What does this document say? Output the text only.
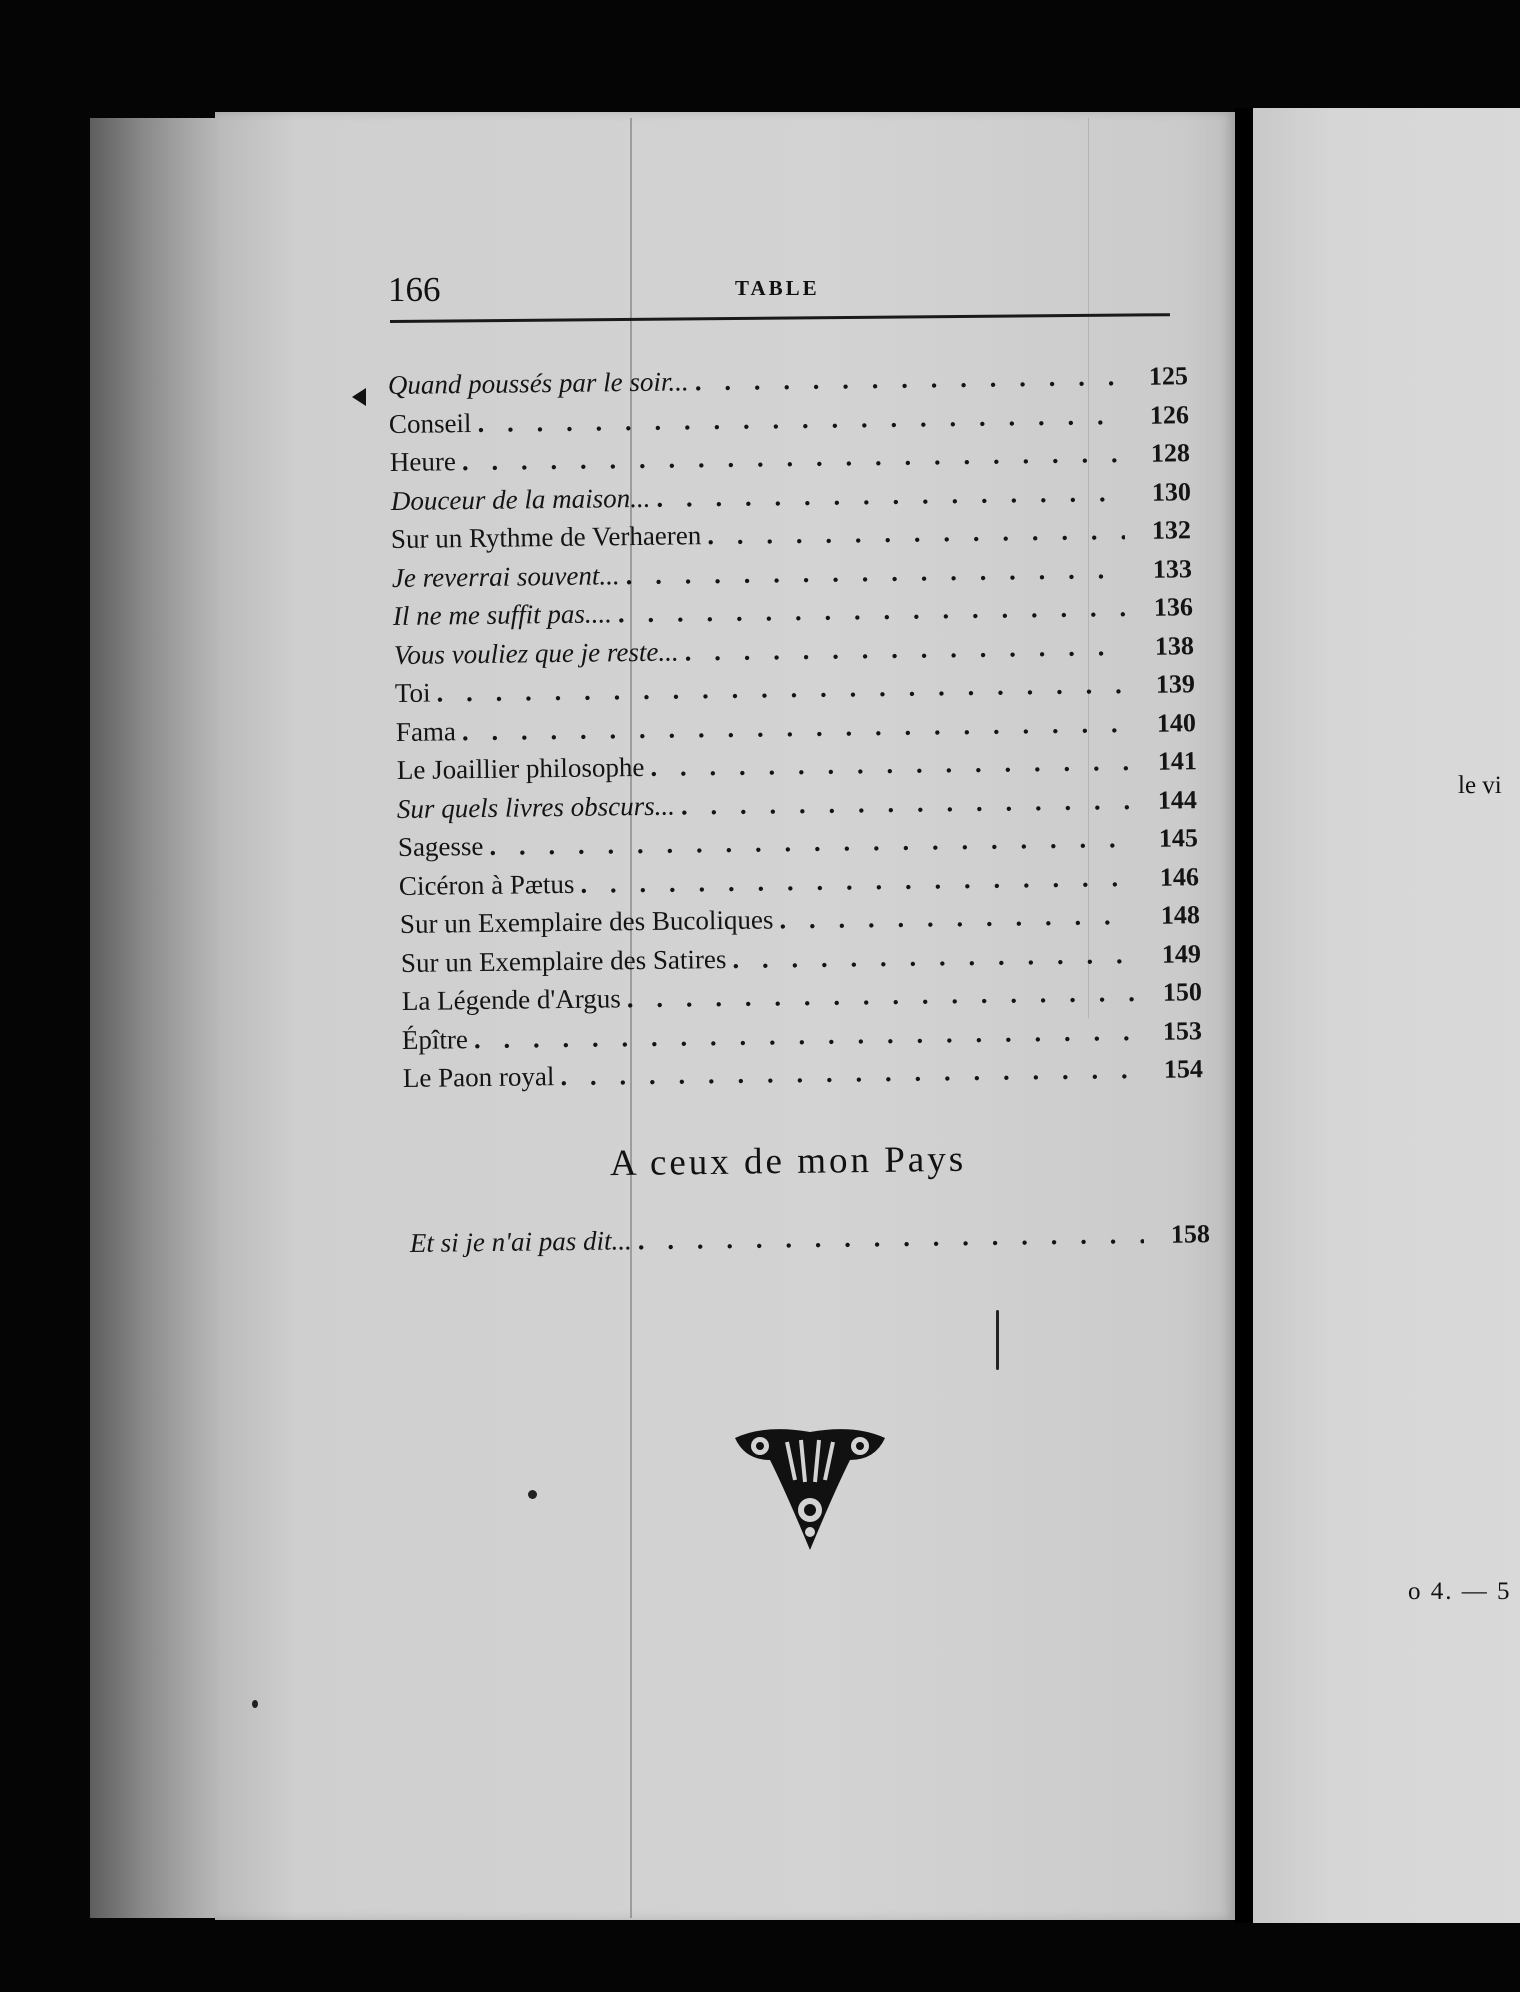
166	TABLE
Quand poussés par le soir... . . .	125
Conseil . . .	126
Heure . . .	128
Douceur de la maison... . . .	130
Sur un Rythme de Verhaeren . . .	132
Je reverrai souvent... . . .	133
Il ne me suffit pas.... . . .	136
Vous vouliez que je reste... . . .	138
Toi . . .	139
Fama . . .	140
Le Joaillier philosophe . . .	141
Sur quels livres obscurs... . . .	144
Sagesse . . .	145
Cicéron à Pætus . . .	146
Sur un Exemplaire des Bucoliques . . .	148
Sur un Exemplaire des Satires . . .	149
La Légende d'Argus . . .	150
Épître . . .	153
Le Paon royal . . .	154
A ceux de mon Pays
Et si je n'ai pas dit... . . .	158
le vi
o 4. — 5
